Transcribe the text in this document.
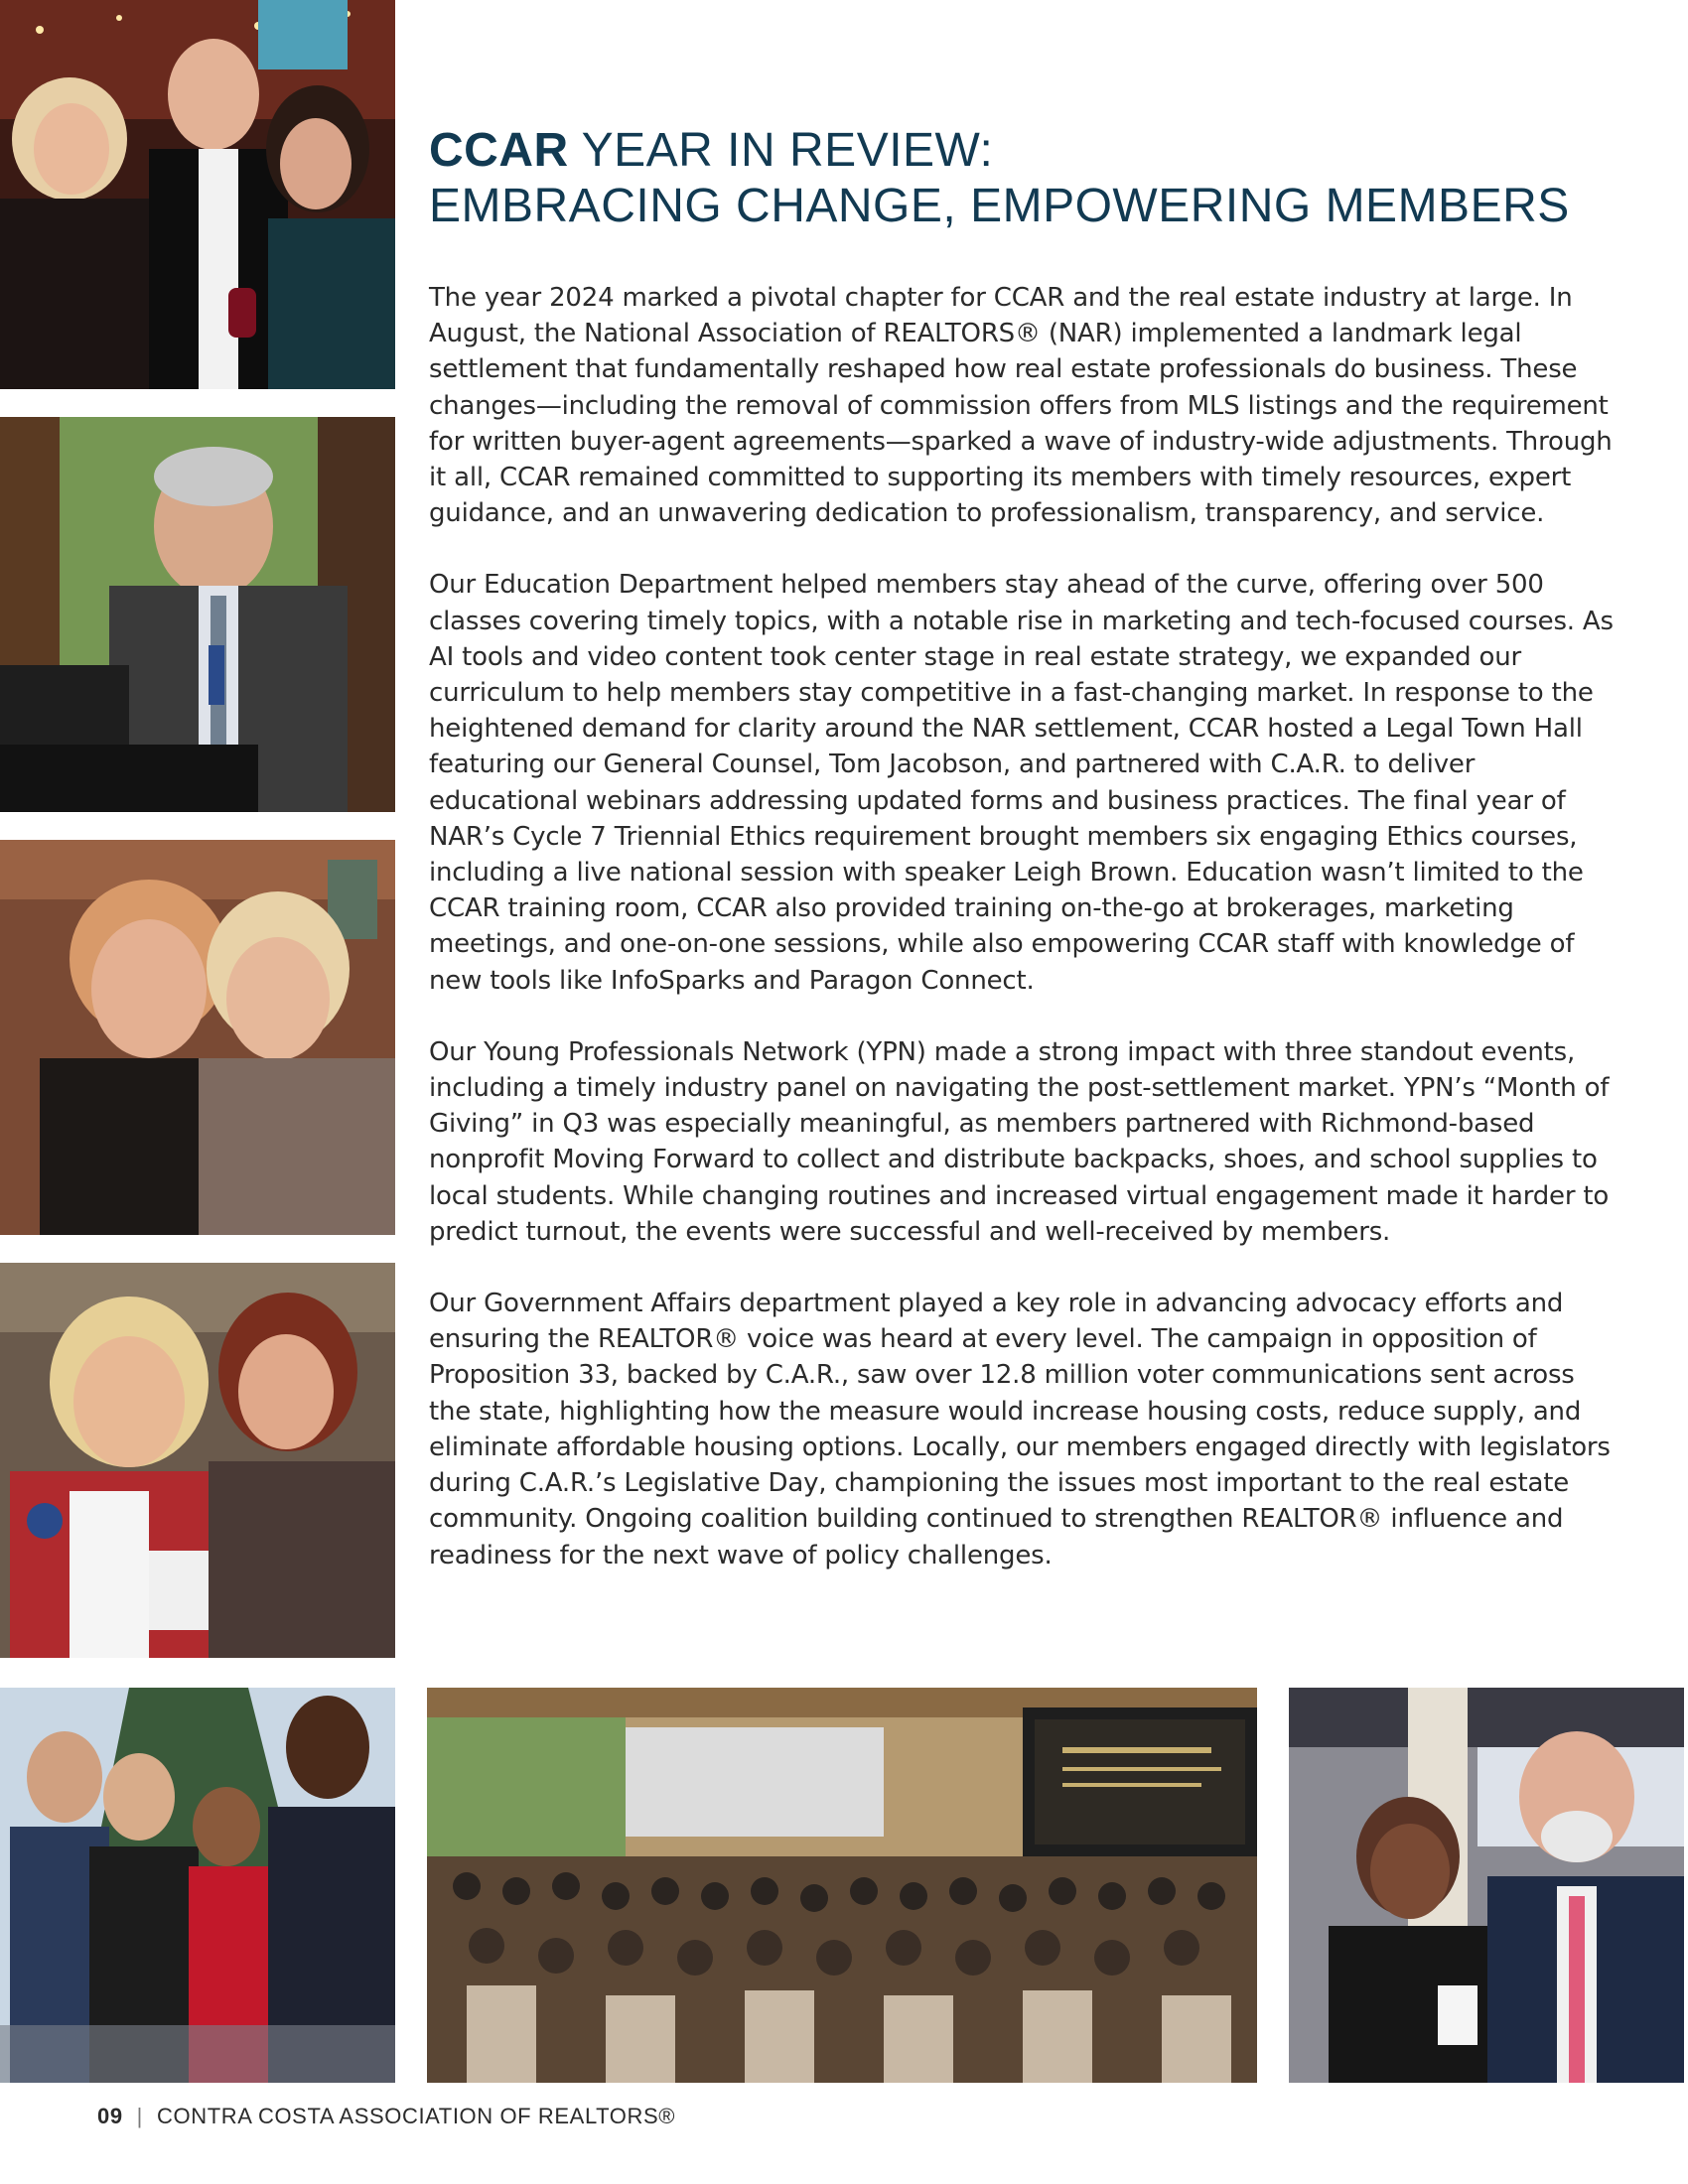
CCAR YEAR IN REVIEW:
EMBRACING CHANGE, EMPOWERING MEMBERS

The year 2024 marked a pivotal chapter for CCAR and the real estate industry at large. In August, the National Association of REALTORS® (NAR) implemented a landmark legal settlement that fundamentally reshaped how real estate professionals do business. These changes—including the removal of commission offers from MLS listings and the requirement for written buyer-agent agreements—sparked a wave of industry-wide adjustments. Through it all, CCAR remained committed to supporting its members with timely resources, expert guidance, and an unwavering dedication to professionalism, transparency, and service.

Our Education Department helped members stay ahead of the curve, offering over 500 classes covering timely topics, with a notable rise in marketing and tech-focused courses. As AI tools and video content took center stage in real estate strategy, we expanded our curriculum to help members stay competitive in a fast-changing market. In response to the heightened demand for clarity around the NAR settlement, CCAR hosted a Legal Town Hall featuring our General Counsel, Tom Jacobson, and partnered with C.A.R. to deliver educational webinars addressing updated forms and business practices. The final year of NAR’s Cycle 7 Triennial Ethics requirement brought members six engaging Ethics courses, including a live national session with speaker Leigh Brown. Education wasn’t limited to the CCAR training room, CCAR also provided training on-the-go at brokerages, marketing meetings, and one-on-one sessions, while also empowering CCAR staff with knowledge of new tools like InfoSparks and Paragon Connect.

Our Young Professionals Network (YPN) made a strong impact with three standout events, including a timely industry panel on navigating the post-settlement market. YPN’s “Month of Giving” in Q3 was especially meaningful, as members partnered with Richmond-based nonprofit Moving Forward to collect and distribute backpacks, shoes, and school supplies to local students. While changing routines and increased virtual engagement made it harder to predict turnout, the events were successful and well-received by members.

Our Government Affairs department played a key role in advancing advocacy efforts and ensuring the REALTOR® voice was heard at every level. The campaign in opposition of Proposition 33, backed by C.A.R., saw over 12.8 million voter communications sent across the state, highlighting how the measure would increase housing costs, reduce supply, and eliminate affordable housing options. Locally, our members engaged directly with legislators during C.A.R.’s Legislative Day, championing the issues most important to the real estate community. Ongoing coalition building continued to strengthen REALTOR® influence and readiness for the next wave of policy challenges.

09 | CONTRA COSTA ASSOCIATION OF REALTORS®
